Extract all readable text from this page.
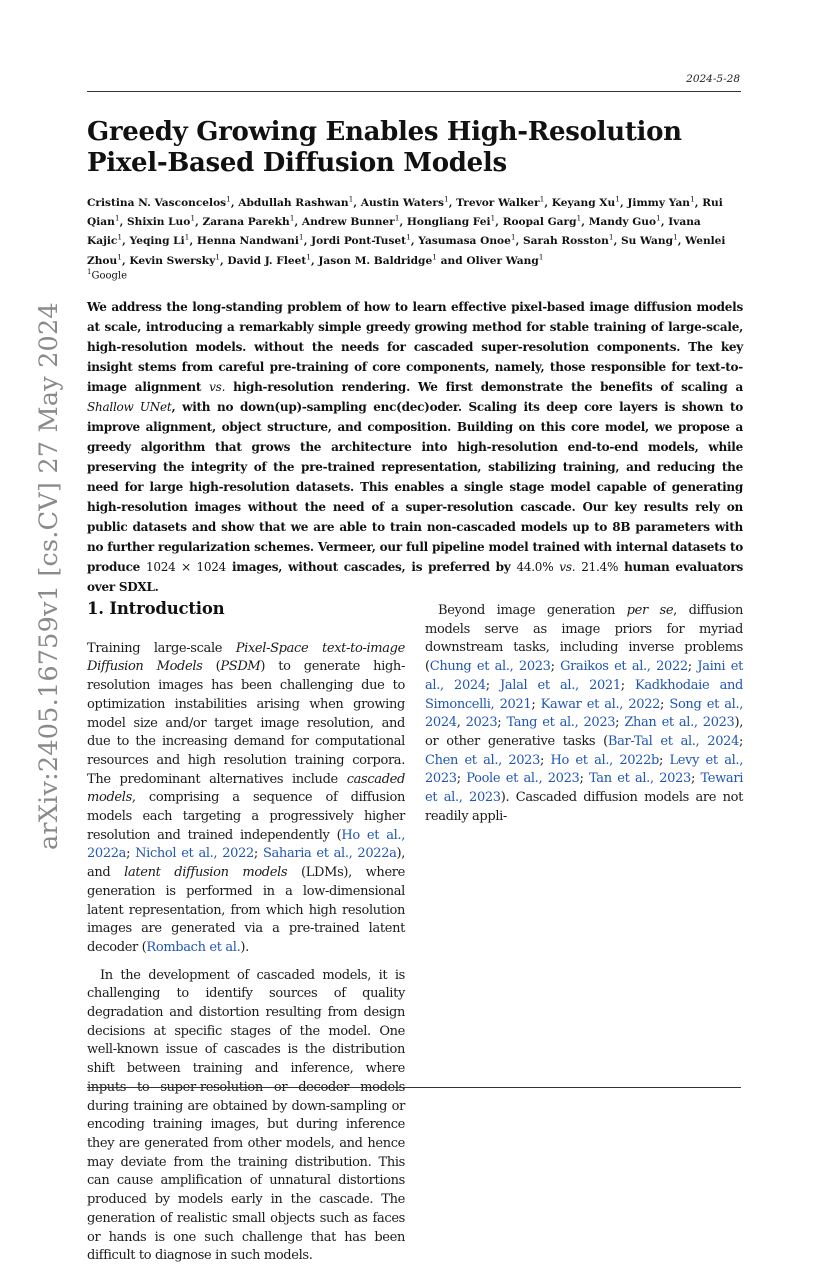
2024-5-28
arXiv:2405.16759v1 [cs.CV] 27 May 2024
Greedy Growing Enables High-Resolution
Pixel-Based Diffusion Models
Cristina N. Vasconcelos$^1$, Abdullah Rashwan$^1$, Austin Waters$^1$, Trevor Walker$^1$, Keyang Xu$^1$, Jimmy Yan$^1$, Rui Qian$^1$, Shixin Luo$^1$, Zarana Parekh$^1$, Andrew Bunner$^1$, Hongliang Fei$^1$, Roopal Garg$^1$, Mandy Guo$^1$, Ivana Kajic$^1$, Yeqing Li$^1$, Henna Nandwani$^1$, Jordi Pont-Tuset$^1$, Yasumasa Onoe$^1$, Sarah Rosston$^1$, Su Wang$^1$, Wenlei Zhou$^1$, Kevin Swersky$^1$, David J. Fleet$^1$, Jason M. Baldridge$^1$ and Oliver Wang$^1$
$^1$Google

We address the long-standing problem of how to learn effective pixel-based image diffusion models at scale, introducing a remarkably simple greedy growing method for stable training of large-scale, high-resolution models. without the needs for cascaded super-resolution components. The key insight stems from careful pre-training of core components, namely, those responsible for text-to-image alignment vs. high-resolution rendering. We first demonstrate the benefits of scaling a Shallow UNet, with no down(up)-sampling enc(dec)oder. Scaling its deep core layers is shown to improve alignment, object structure, and composition. Building on this core model, we propose a greedy algorithm that grows the architecture into high-resolution end-to-end models, while preserving the integrity of the pre-trained representation, stabilizing training, and reducing the need for large high-resolution datasets. This enables a single stage model capable of generating high-resolution images without the need of a super-resolution cascade. Our key results rely on public datasets and show that we are able to train non-cascaded models up to 8B parameters with no further regularization schemes. Vermeer, our full pipeline model trained with internal datasets to produce 1024 × 1024 images, without cascades, is preferred by 44.0% vs. 21.4% human evaluators over SDXL.

1. Introduction

Training large-scale Pixel-Space text-to-image Diffusion Models (PSDM) to generate high-resolution images has been challenging due to optimization instabilities arising when growing model size and/or target image resolution, and due to the increasing demand for computational resources and high resolution training corpora. The predominant alternatives include cascaded models, comprising a sequence of diffusion models each targeting a progressively higher resolution and trained independently (Ho et al., 2022a; Nichol et al., 2022; Saharia et al., 2022a), and latent diffusion models (LDMs), where generation is performed in a low-dimensional latent representation, from which high resolution images are generated via a pre-trained latent decoder (Rombach et al.).

In the development of cascaded models, it is challenging to identify sources of quality degradation and distortion resulting from design decisions at specific stages of the model. One well-known issue of cascades is the distribution shift between training and inference, where inputs to super-resolution or decoder models during training are obtained by down-sampling or encoding training images, but during inference they are generated from other models, and hence may deviate from the training distribution. This can cause amplification of unnatural distortions produced by models early in the cascade. The generation of realistic small objects such as faces or hands is one such challenge that has been difficult to diagnose in such models.

Beyond image generation per se, diffusion models serve as image priors for myriad downstream tasks, including inverse problems (Chung et al., 2023; Graikos et al., 2022; Jaini et al., 2024; Jalal et al., 2021; Kadkhodaie and Simoncelli, 2021; Kawar et al., 2022; Song et al., 2024, 2023; Tang et al., 2023; Zhan et al., 2023), or other generative tasks (Bar-Tal et al., 2024; Chen et al., 2023; Ho et al., 2022b; Levy et al., 2023; Poole et al., 2023; Tan et al., 2023; Tewari et al., 2023). Cascaded diffusion models are not readily appli-
